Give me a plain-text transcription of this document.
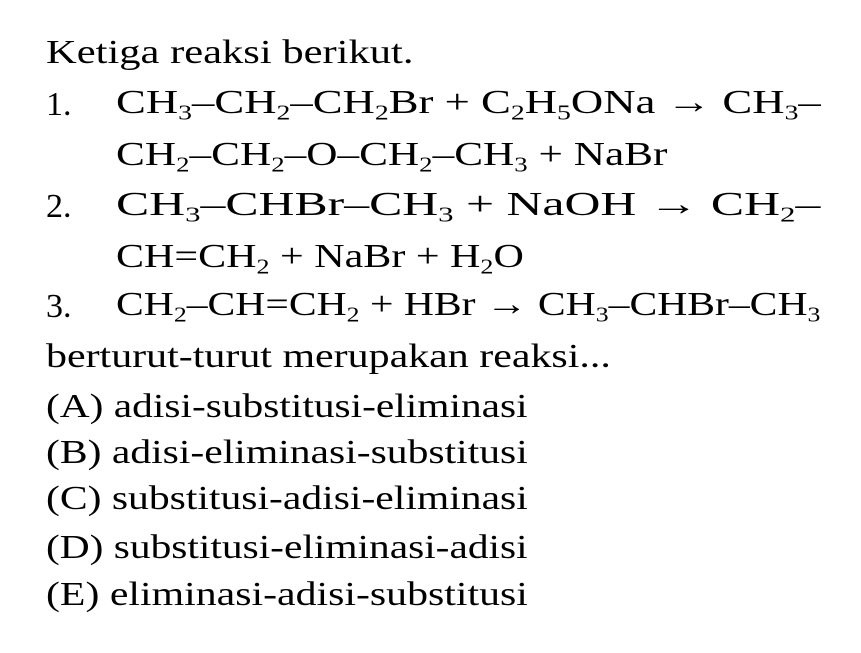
Ketiga reaksi berikut.
1. $CH_3-CH_2-CH_2Br + C_2H_5ONa \to CH_3-$
$CH_2-CH_2-O-CH_2-CH_3$ + NaBr
2. $CH_3-CHBr-CH_3$ + NaOH → $CH_2-$
$CH=CH_2$ + NaBr + $H_2O$
3. $CH_2-CH=CH_2$ + HBr → $CH_3-CHBr-CH_3$
berturut-turut merupakan reaksi...
(A) adisi-substitusi-eliminasi
(B) adisi-eliminasi-substitusi
(C) substitusi-adisi-eliminasi
(D) substitusi-eliminasi-adisi
(E) eliminasi-adisi-substitusi
